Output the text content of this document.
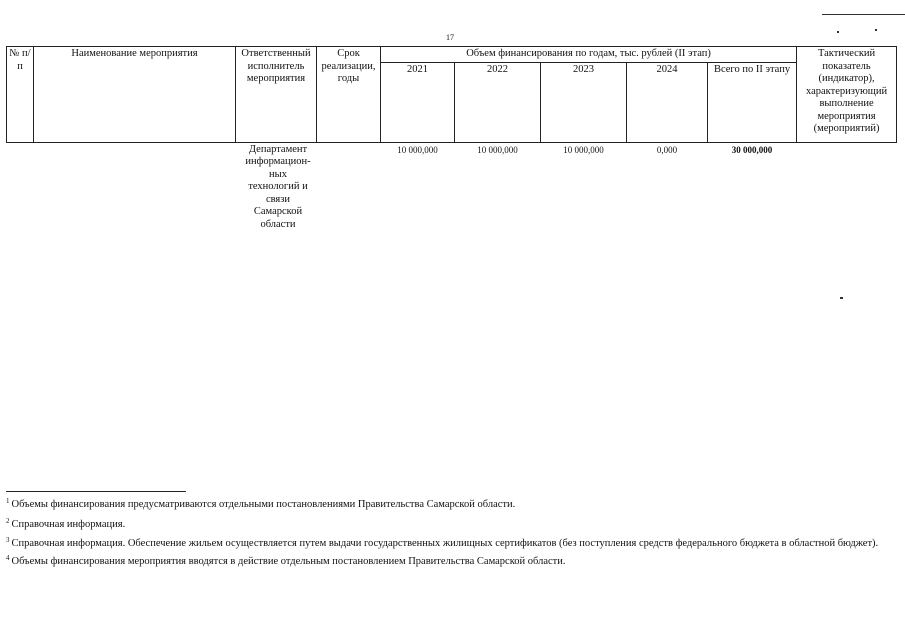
17
№ п/п	Наименование мероприятия	Ответственный исполнитель мероприятия	Срок реализации, годы	Объем финансирования по годам, тыс. рублей (II этап)					Тактический показатель (индикатор), характеризующий выполнение мероприятия (мероприятий)
				2021	2022	2023	2024	Всего по II этапу	
		Департамент информацион-ных технологий и связи Самарской области		10 000,000	10 000,000	10 000,000	0,000	30 000,000	
$^1$ Объемы финансирования предусматриваются отдельными постановлениями Правительства Самарской области.
$^2$ Справочная информация.
$^3$ Справочная информация. Обеспечение жильем осуществляется путем выдачи государственных жилищных сертификатов (без поступления средств федерального бюджета в областной бюджет).
$^4$ Объемы финансирования мероприятия вводятся в действие отдельным постановлением Правительства Самарской области.
